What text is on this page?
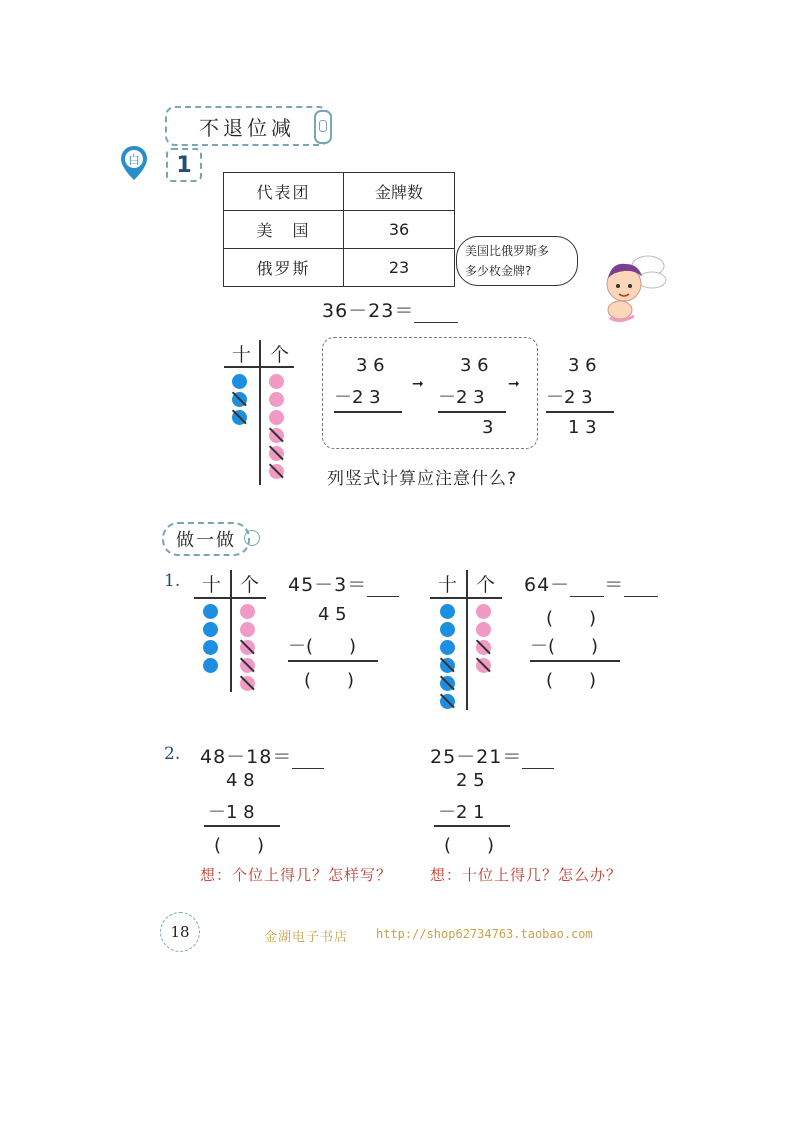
不退位减
白	1
代表团	金牌数
美　国	36
俄罗斯	23
美国比俄罗斯多
多少枚金牌?
36－23＝
十 个	3 6
－2 3
➞
3 6
－2 3
3
➞
3 6
－2 3
1 3
列竖式计算应注意什么?
做一做
1. 十 个 45－3＝
4 5
－(　　)
(　　)
十 个 64－ ＝
(　　)
－(　　)
(　　)
2. 48－18＝
4 8
－1 8
(　　)
25－21＝
2 5
－2 1
(　　)
想：个位上得几？怎样写？	想：十位上得几？怎么办？
18	金湖电子书店 http://shop62734763.taobao.com
